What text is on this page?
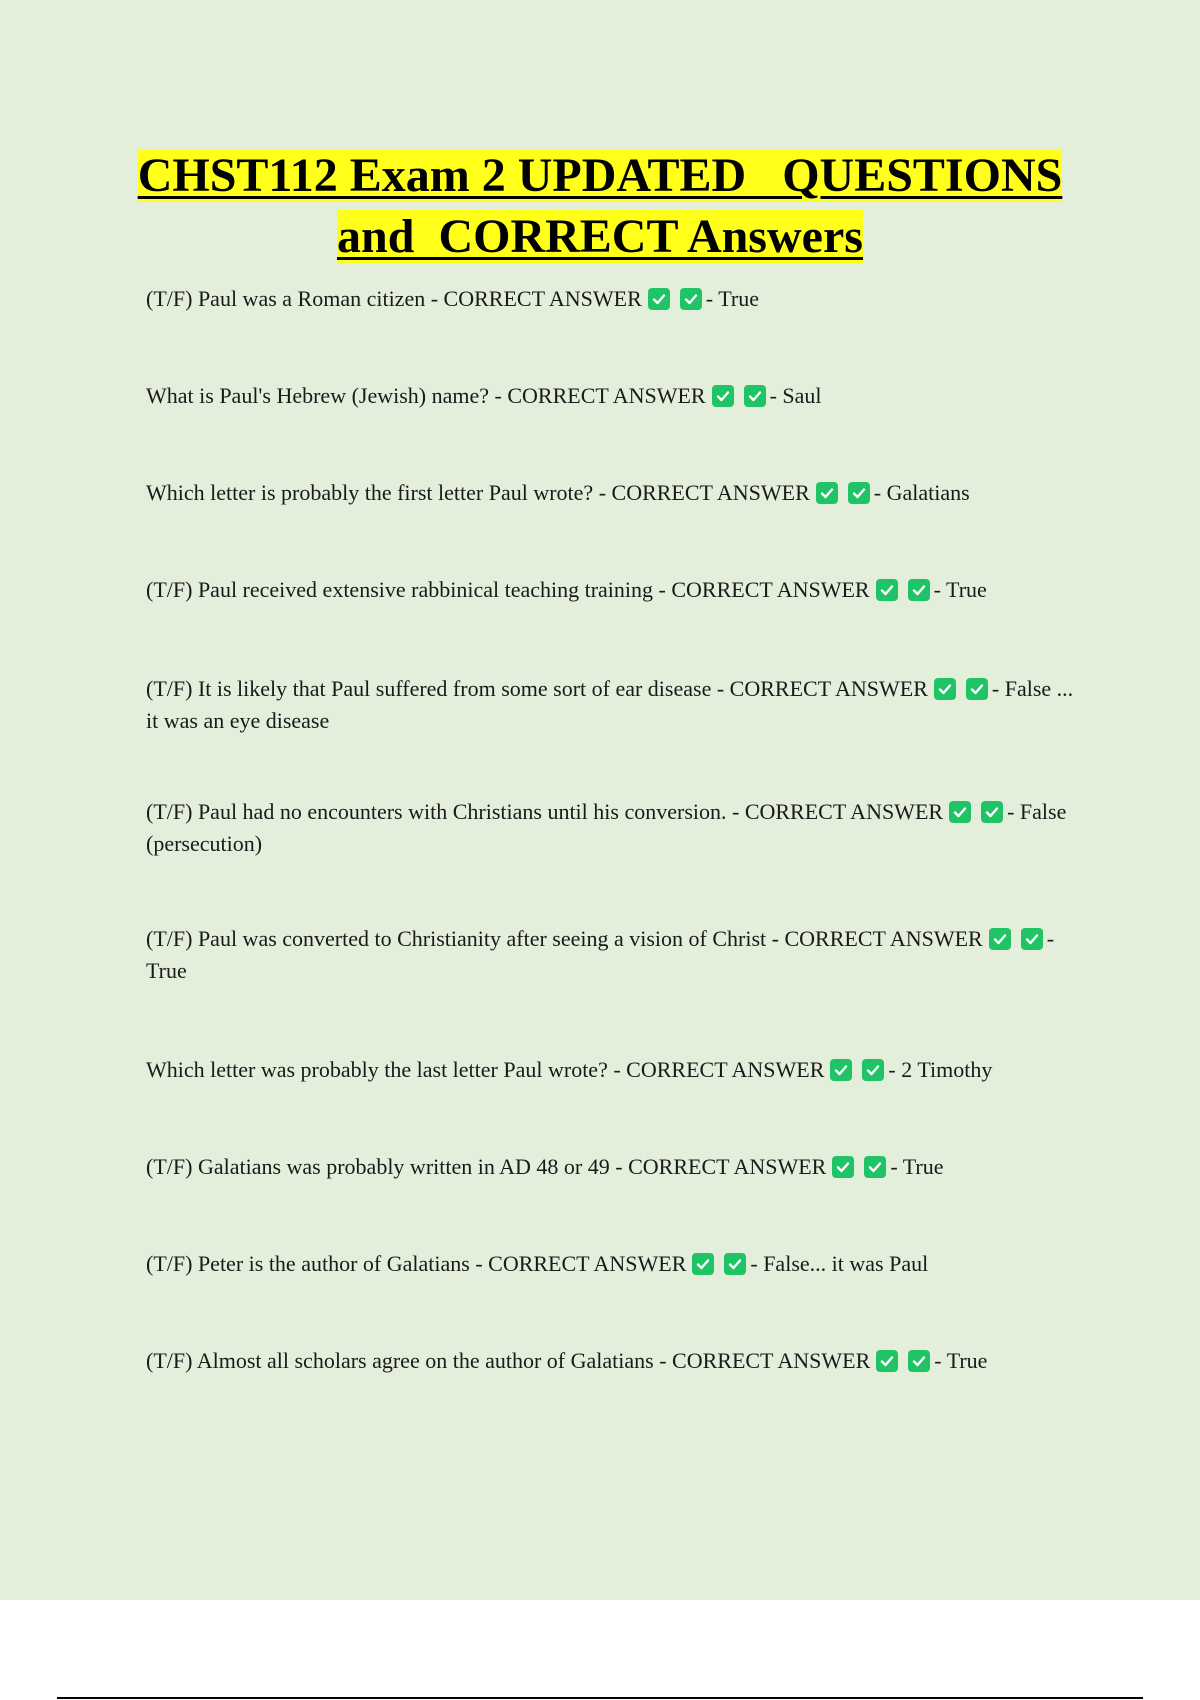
CHST112 Exam 2 UPDATED   QUESTIONS
and  CORRECT Answers
(T/F) Paul was a Roman citizen - CORRECT ANSWER	- True
What is Paul's Hebrew (Jewish) name? - CORRECT ANSWER	- Saul
Which letter is probably the first letter Paul wrote? - CORRECT ANSWER	- Galatians
(T/F) Paul received extensive rabbinical teaching training - CORRECT ANSWER	- True
(T/F) It is likely that Paul suffered from some sort of ear disease - CORRECT ANSWER	- False ... it was an eye disease
(T/F) Paul had no encounters with Christians until his conversion. - CORRECT ANSWER	- False (persecution)
(T/F) Paul was converted to Christianity after seeing a vision of Christ - CORRECT ANSWER	- True
Which letter was probably the last letter Paul wrote? - CORRECT ANSWER	- 2 Timothy
(T/F) Galatians was probably written in AD 48 or 49 - CORRECT ANSWER	- True
(T/F) Peter is the author of Galatians - CORRECT ANSWER	- False... it was Paul
(T/F) Almost all scholars agree on the author of Galatians - CORRECT ANSWER	- True
